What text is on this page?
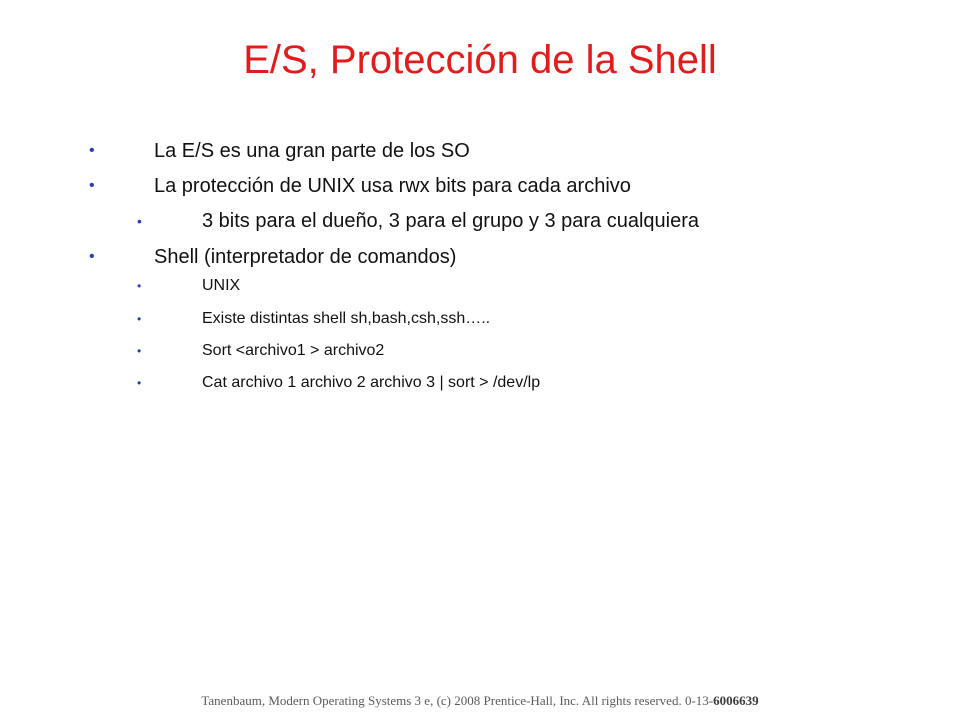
E/S, Protección de la Shell
•	La E/S es una gran parte de los SO
•	La protección de UNIX usa rwx bits para cada archivo
•	3 bits para el dueño, 3 para el grupo y 3 para cualquiera
•	Shell (interpretador de comandos)
•	UNIX
•	Existe distintas shell sh,bash,csh,ssh…..
•	Sort <archivo1 > archivo2
•	Cat archivo 1 archivo 2 archivo 3 | sort > /dev/lp
Tanenbaum, Modern Operating Systems 3 e, (c) 2008 Prentice-Hall, Inc. All rights reserved. 0-13-6006639
